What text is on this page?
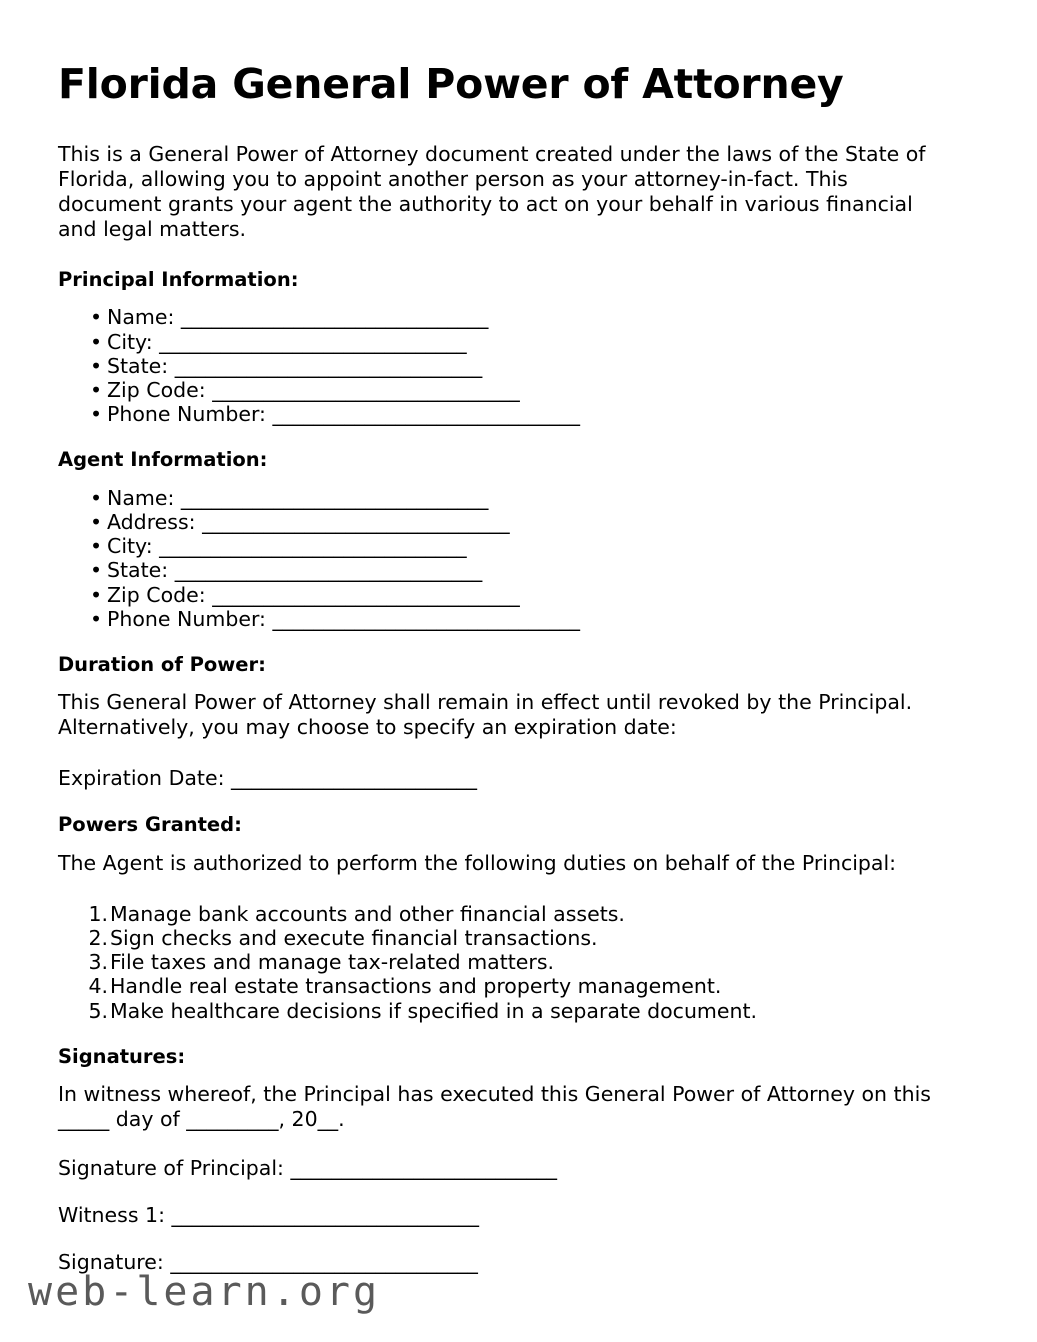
Florida General Power of Attorney

This is a General Power of Attorney document created under the laws of the State of Florida, allowing you to appoint another person as your attorney-in-fact. This document grants your agent the authority to act on your behalf in various financial and legal matters.

Principal Information:
• Name: ______________________________
• City: ______________________________
• State: ______________________________
• Zip Code: ______________________________
• Phone Number: ______________________________
Agent Information:
• Name: ______________________________
• Address: ______________________________
• City: ______________________________
• State: ______________________________
• Zip Code: ______________________________
• Phone Number: ______________________________
Duration of Power:

This General Power of Attorney shall remain in effect until revoked by the Principal. Alternatively, you may choose to specify an expiration date:

Expiration Date: ________________________

Powers Granted:

The Agent is authorized to perform the following duties on behalf of the Principal:

1. Manage bank accounts and other financial assets.
2. Sign checks and execute financial transactions.
3. File taxes and manage tax-related matters.
4. Handle real estate transactions and property management.
5. Make healthcare decisions if specified in a separate document.
Signatures:

In witness whereof, the Principal has executed this General Power of Attorney on this _____ day of _________, 20__.

Signature of Principal: __________________________

Witness 1: ______________________________

Signature: ______________________________

web-learn.org
